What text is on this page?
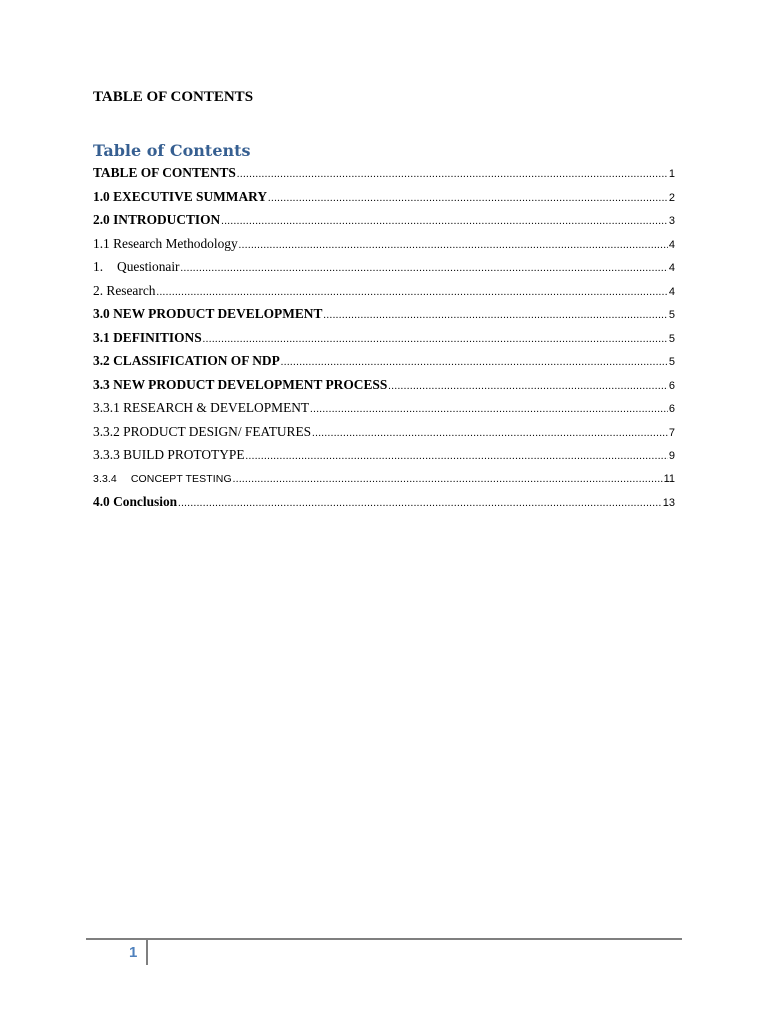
TABLE OF CONTENTS
Table of Contents
TABLE OF CONTENTS .....	1
1.0 EXECUTIVE SUMMARY .....	2
2.0 INTRODUCTION .....	3
1.1 Research Methodology .....	4
1. Questionair .....	4
2. Research .....	4
3.0 NEW PRODUCT DEVELOPMENT .....	5
3.1 DEFINITIONS .....	5
3.2 CLASSIFICATION OF NDP .....	5
3.3 NEW PRODUCT DEVELOPMENT PROCESS .....	6
3.3.1 RESEARCH & DEVELOPMENT .....	6
3.3.2 PRODUCT DESIGN/ FEATURES .....	7
3.3.3 BUILD PROTOTYPE .....	9
3.3.4 CONCEPT TESTING .....	11
4.0 Conclusion .....	13
1
